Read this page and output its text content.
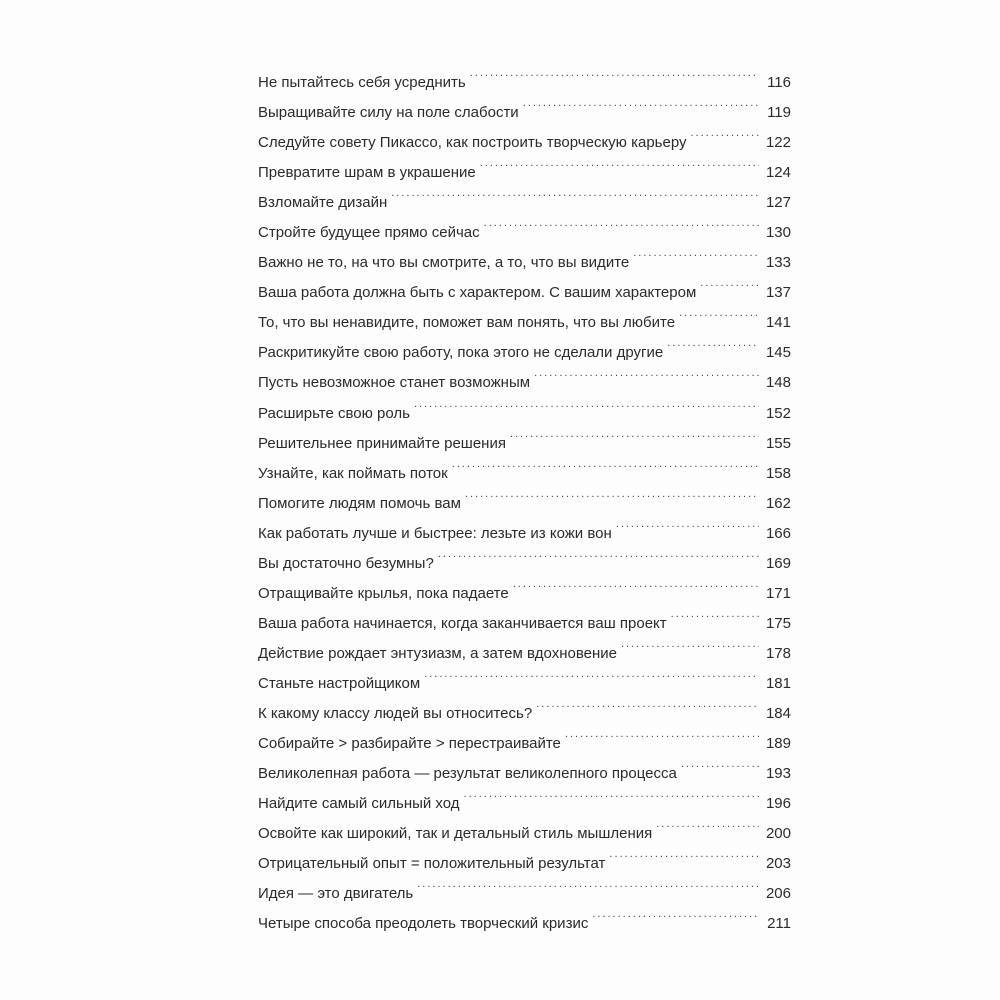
Не пытайтесь себя усреднить .....	116
Выращивайте силу на поле слабости .....	119
Следуйте совету Пикассо, как построить творческую карьеру .....	122
Превратите шрам в украшение .....	124
Взломайте дизайн .....	127
Стройте будущее прямо сейчас .....	130
Важно не то, на что вы смотрите, а то, что вы видите .....	133
Ваша работа должна быть с характером. С вашим характером .....	137
То, что вы ненавидите, поможет вам понять, что вы любите .....	141
Раскритикуйте свою работу, пока этого не сделали другие .....	145
Пусть невозможное станет возможным .....	148
Расширьте свою роль .....	152
Решительнее принимайте решения .....	155
Узнайте, как поймать поток .....	158
Помогите людям помочь вам .....	162
Как работать лучше и быстрее: лезьте из кожи вон .....	166
Вы достаточно безумны? .....	169
Отращивайте крылья, пока падаете .....	171
Ваша работа начинается, когда заканчивается ваш проект .....	175
Действие рождает энтузиазм, а затем вдохновение .....	178
Станьте настройщиком .....	181
К какому классу людей вы относитесь? .....	184
Собирайте > разбирайте > перестраивайте .....	189
Великолепная работа — результат великолепного процесса .....	193
Найдите самый сильный ход .....	196
Освойте как широкий, так и детальный стиль мышления .....	200
Отрицательный опыт = положительный результат .....	203
Идея — это двигатель .....	206
Четыре способа преодолеть творческий кризис .....	211
